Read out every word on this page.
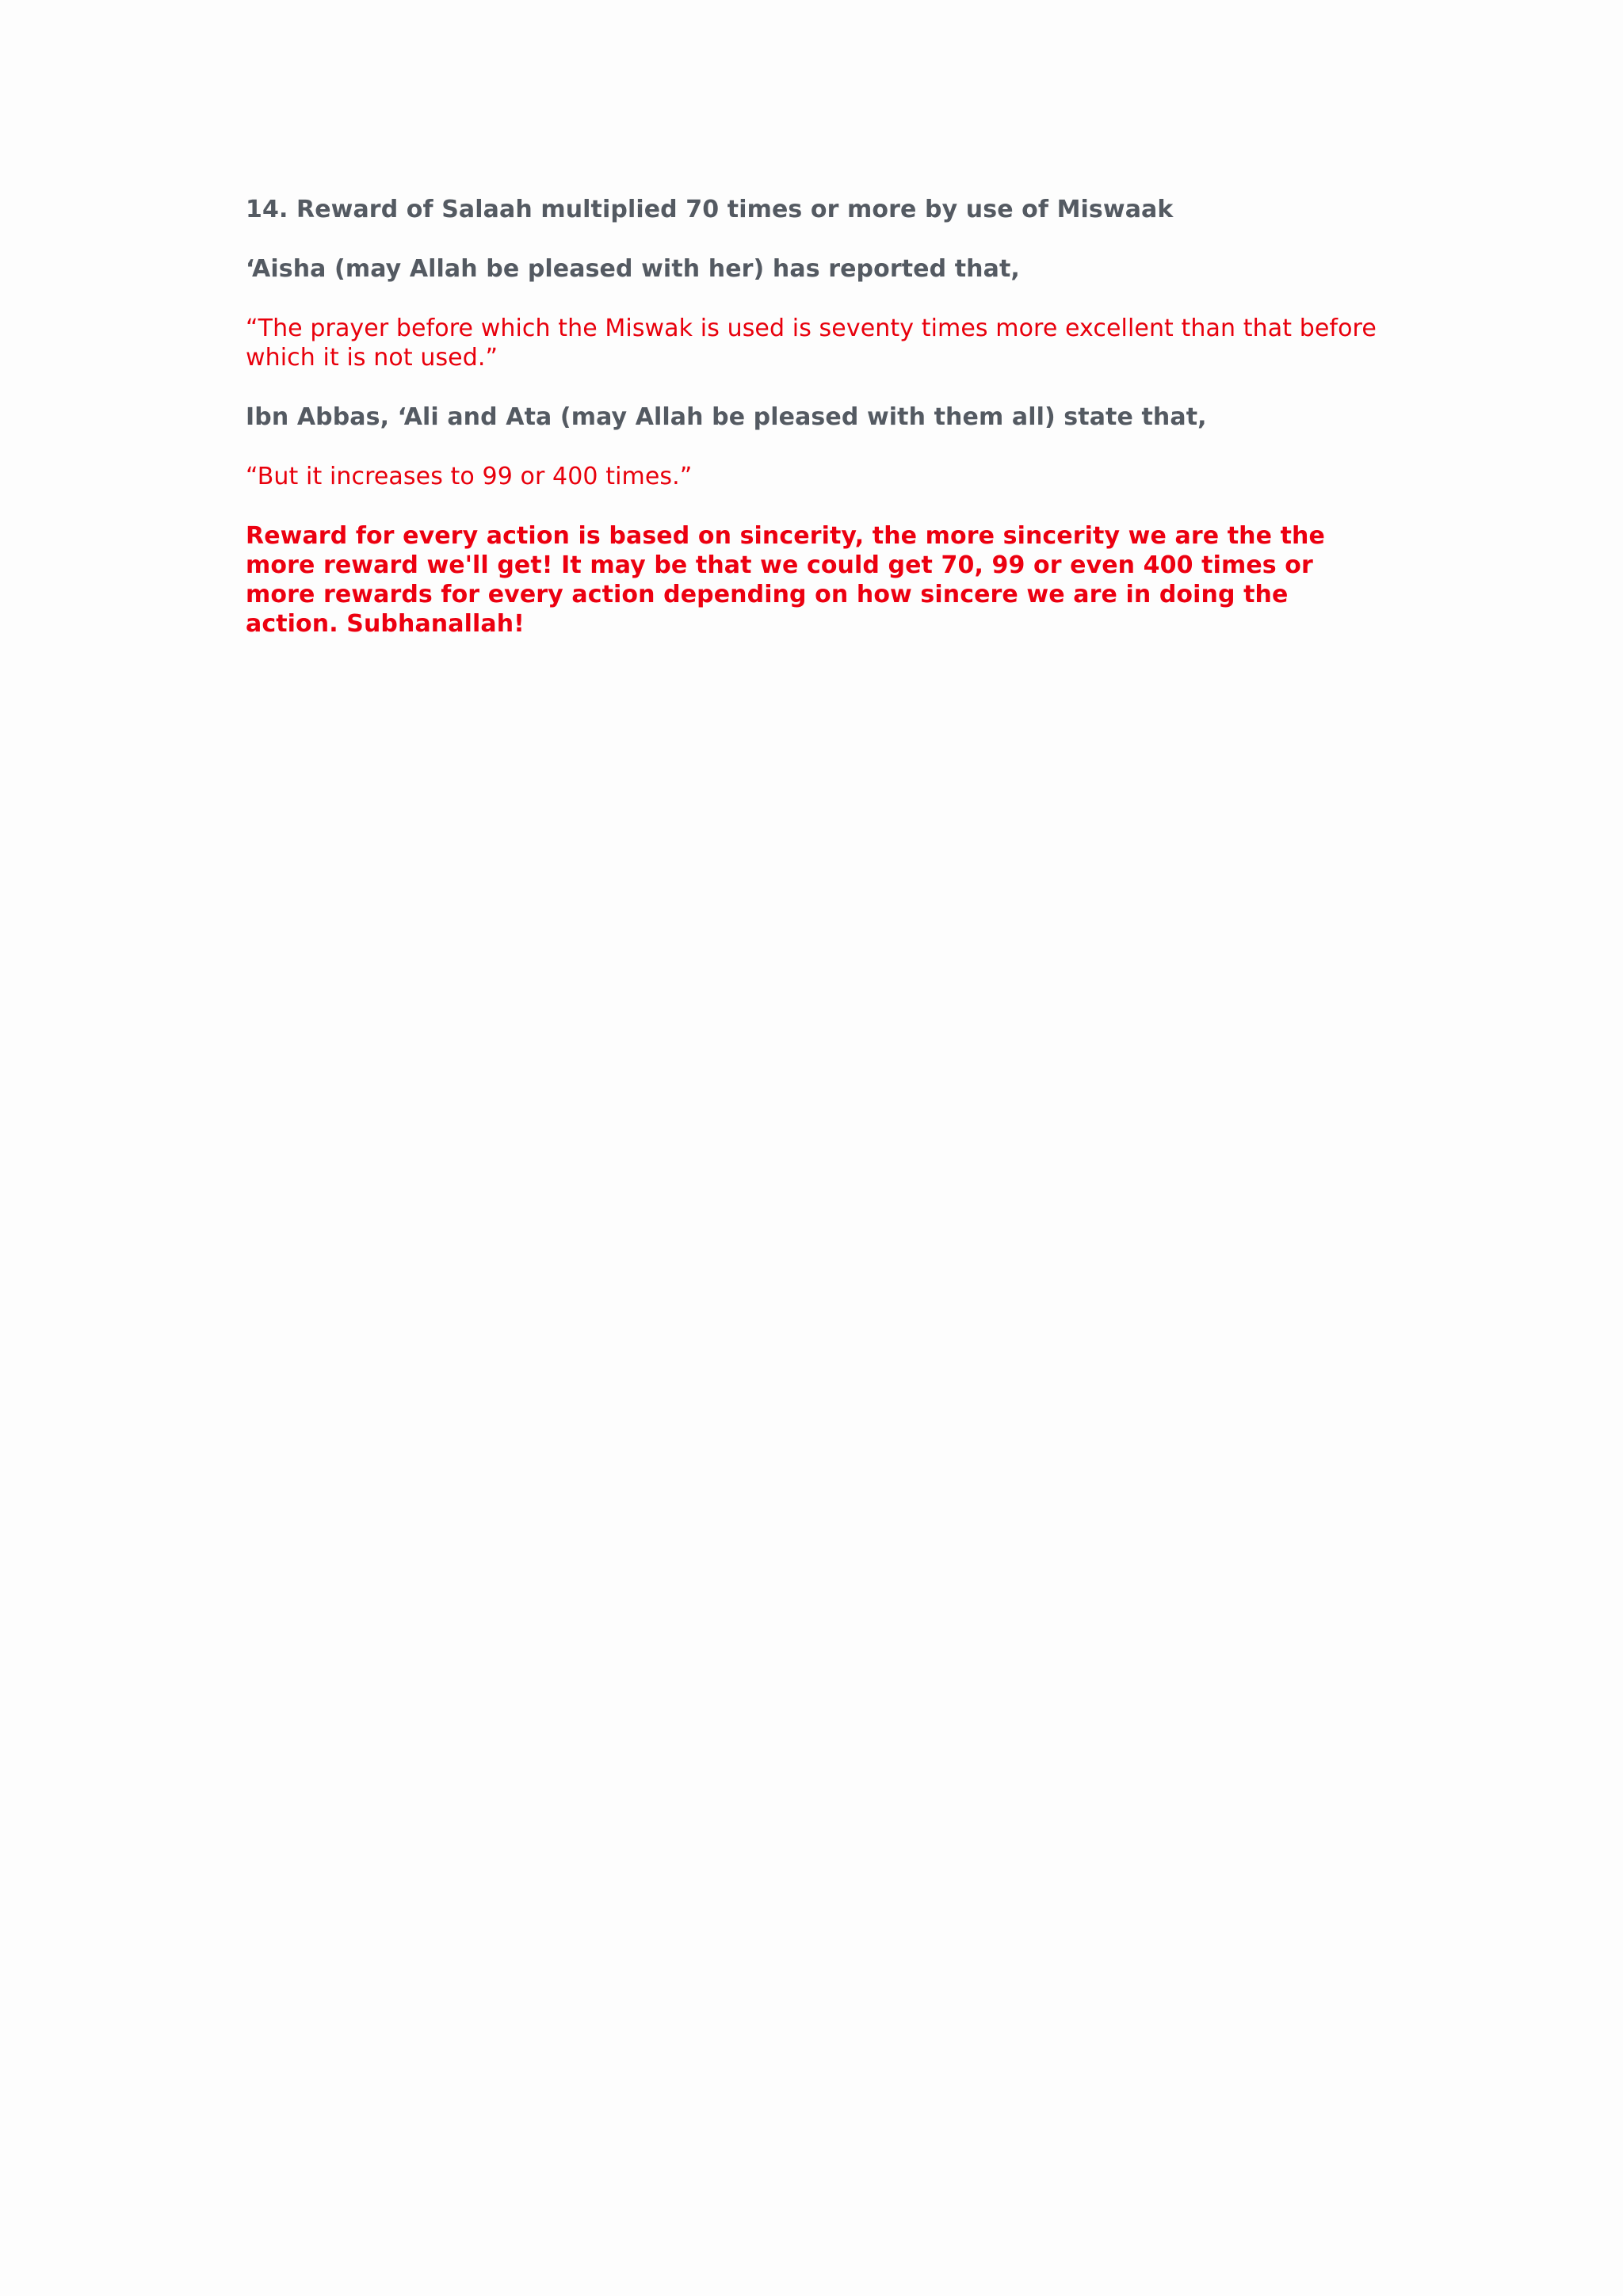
14. Reward of Salaah multiplied 70 times or more by use of Miswaak

‘Aisha (may Allah be pleased with her) has reported that,

“The prayer before which the Miswak is used is seventy times more excellent than that before which it is not used.”

Ibn Abbas, ‘Ali and Ata (may Allah be pleased with them all) state that,

“But it increases to 99 or 400 times.”

Reward for every action is based on sincerity, the more sincerity we are the the more reward we'll get! It may be that we could get 70, 99 or even 400 times or more rewards for every action depending on how sincere we are in doing the action. Subhanallah!
